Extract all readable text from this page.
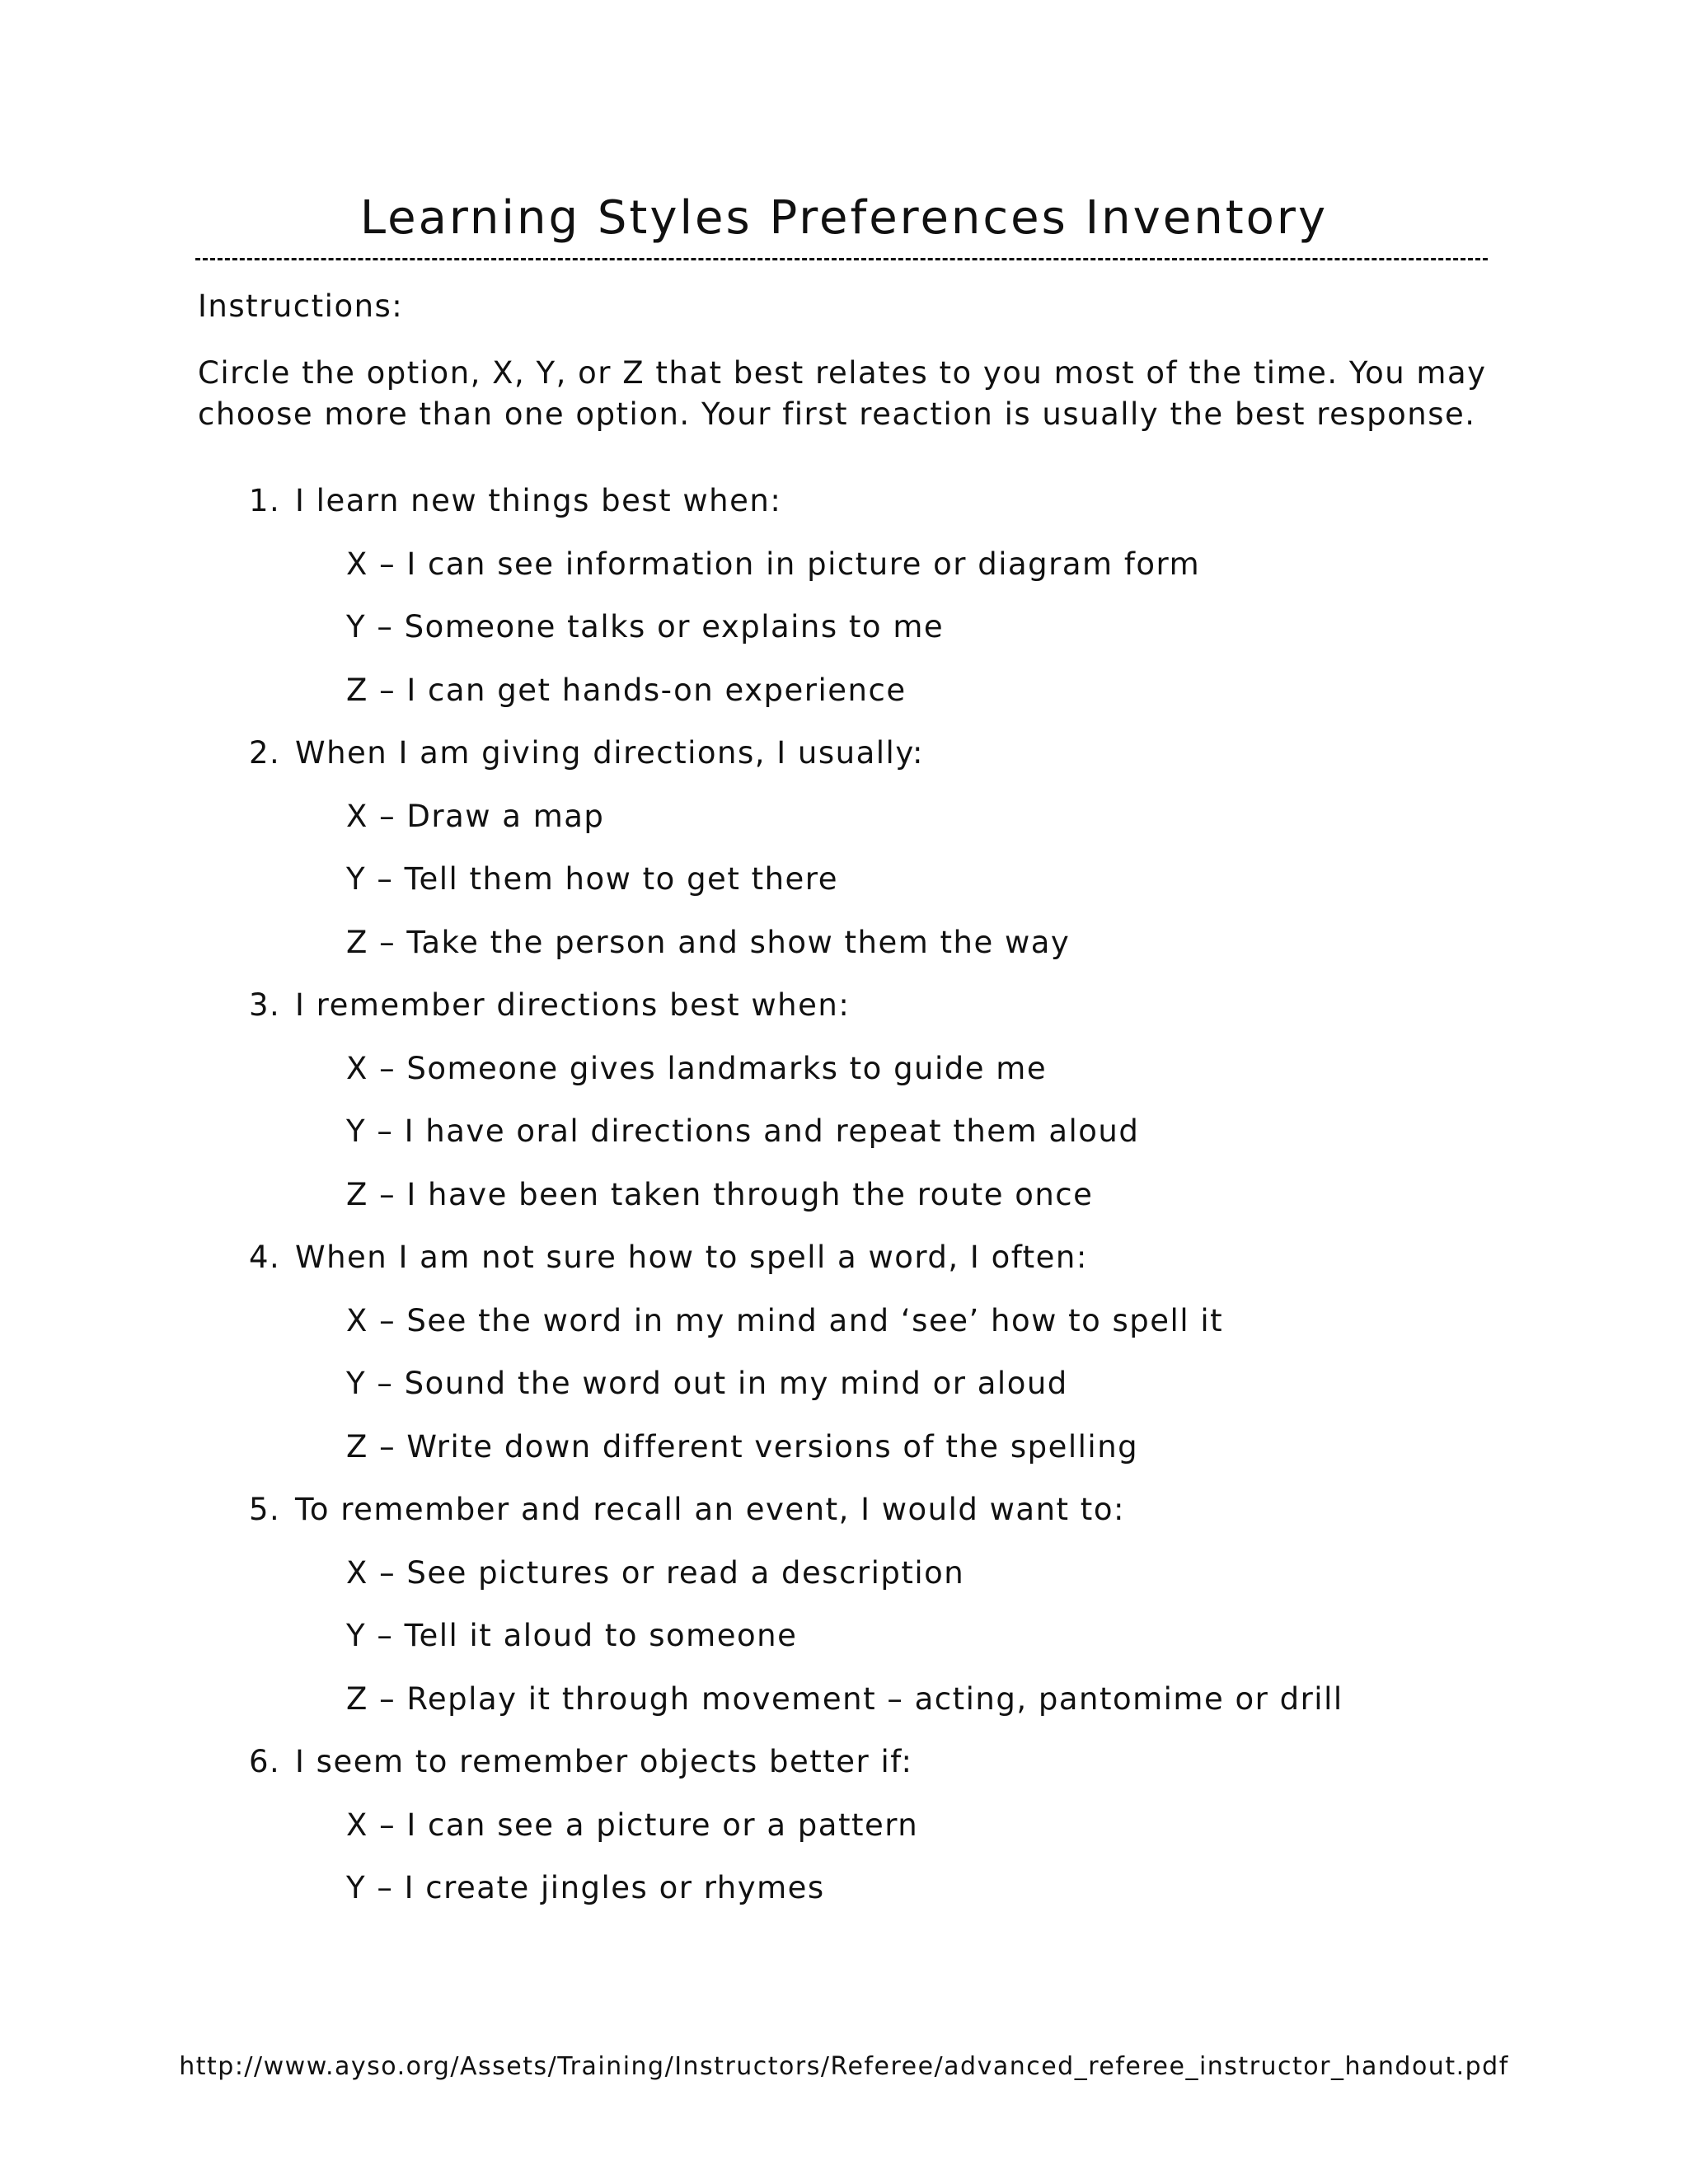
Learning Styles Preferences Inventory
Instructions:
Circle the option, X, Y, or Z that best relates to you most of the time. You may choose more than one option. Your first reaction is usually the best response.
1. I learn new things best when:
X – I can see information in picture or diagram form
Y – Someone talks or explains to me
Z – I can get hands-on experience
2. When I am giving directions, I usually:
X – Draw a map
Y – Tell them how to get there
Z – Take the person and show them the way
3. I remember directions best when:
X – Someone gives landmarks to guide me
Y – I have oral directions and repeat them aloud
Z – I have been taken through the route once
4. When I am not sure how to spell a word, I often:
X – See the word in my mind and ‘see’ how to spell it
Y – Sound the word out in my mind or aloud
Z – Write down different versions of the spelling
5. To remember and recall an event, I would want to:
X – See pictures or read a description
Y – Tell it aloud to someone
Z – Replay it through movement – acting, pantomime or drill
6. I seem to remember objects better if:
X – I can see a picture or a pattern
Y – I create jingles or rhymes
http://www.ayso.org/Assets/Training/Instructors/Referee/advanced_referee_instructor_handout.pdf
